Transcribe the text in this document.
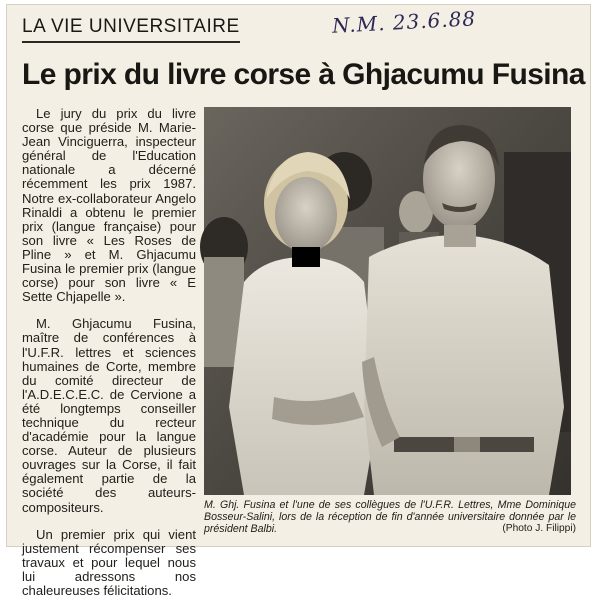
LA VIE UNIVERSITAIRE	N.M. 23.6.88
Le prix du livre corse à Ghjacumu Fusina

Le jury du prix du livre corse que préside M. Marie-Jean Vinciguerra, inspecteur général de l'Education nationale a décerné récemment les prix 1987. Notre ex-collaborateur Angelo Rinaldi a obtenu le premier prix (langue française) pour son livre « Les Roses de Pline » et M. Ghjacumu Fusina le premier prix (langue corse) pour son livre « E Sette Chjapelle ».

M. Ghjacumu Fusina, maître de conférences à l'U.F.R. lettres et sciences humaines de Corte, membre du comité directeur de l'A.D.E.C.E.C. de Cervione a été longtemps conseiller technique du recteur d'académie pour la langue corse. Auteur de plusieurs ouvrages sur la Corse, il fait également partie de la société des auteurs-compositeurs.

Un premier prix qui vient justement récompenser ses travaux et pour lequel nous lui adressons nos chaleureuses félicitations.

M. Ghj. Fusina et l'une de ses collègues de l'U.F.R. Lettres, Mme Dominique Bosseur-Salini, lors de la réception de fin d'année universitaire donnée par le président Balbi.	(Photo J. Filippi)
